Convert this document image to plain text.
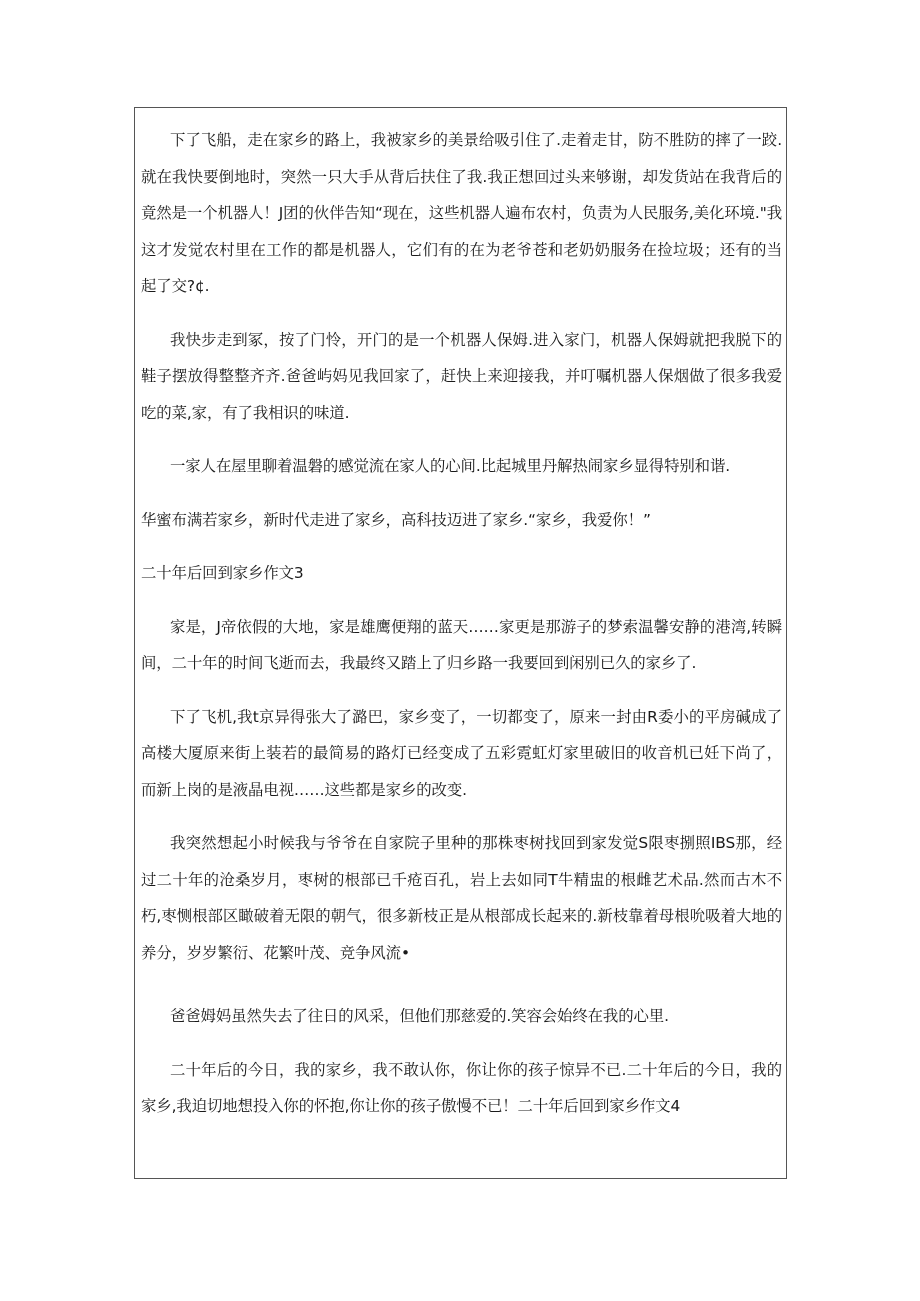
下了飞船，走在家乡的路上，我被家乡的美景给吸引住了.走着走甘，防不胜防的摔了一跤.就在我快要倒地时，突然一只大手从背后扶住了我.我正想回过头来够谢，却发货站在我背后的竟然是一个机器人！J团的伙伴告知“现在，这些机器人遍布农村，负责为人民服务,美化环境."我这才发觉农村里在工作的都是机器人，它们有的在为老爷苍和老奶奶服务在捡垃圾；还有的当起了交?¢.

我快步走到冢，按了门怜，开门的是一个机器人保姆.进入家门，机器人保姆就把我脱下的鞋子摆放得整整齐齐.爸爸屿妈见我回家了，赶快上来迎接我，并叮嘱机器人保烟做了很多我爱吃的菜,家，有了我相识的味道.

一家人在屋里聊着温磐的感觉流在家人的心间.比起城里丹解热闹家乡显得特别和谐.

华蜜布满若家乡，新时代走进了家乡，高科技迈进了家乡.“家乡，我爱你！”

二十年后回到家乡作文3

家是，J帝依假的大地，家是雄鹰便翔的蓝天……家更是那游子的梦索温馨安静的港湾,转瞬间，二十年的时间飞逝而去，我最终又踏上了归乡路一我要回到闲别已久的家乡了.

下了飞机,我t京异得张大了潞巴，家乡变了，一切都变了，原来一封由R委小的平房碱成了高楼大厦原来街上装若的最简易的路灯已经变成了五彩霓虹灯家里破旧的收音机已妊下尚了，而新上岗的是液晶电视……这些都是家乡的改变.

我突然想起小时候我与爷爷在自家院子里种的那株枣树找回到家发觉S限枣捌照IBS那，经过二十年的沧桑岁月，枣树的根部已千疮百孔，岩上去如同T牛精盅的根雌艺术品.然而古木不朽,枣恻根部区瞰破着无限的朝气，很多新枝正是从根部成长起来的.新枝靠着母根吮吸着大地的养分，岁岁繁衍、花繁叶茂、竞争风流•

爸爸姆妈虽然失去了往日的风采，但他们那慈爱的.笑容会始终在我的心里.

二十年后的今日，我的家乡，我不敢认你，你让你的孩子惊异不已.二十年后的今日，我的家乡,我迫切地想投入你的怀抱,你让你的孩子傲慢不已！二十年后回到家乡作文4
